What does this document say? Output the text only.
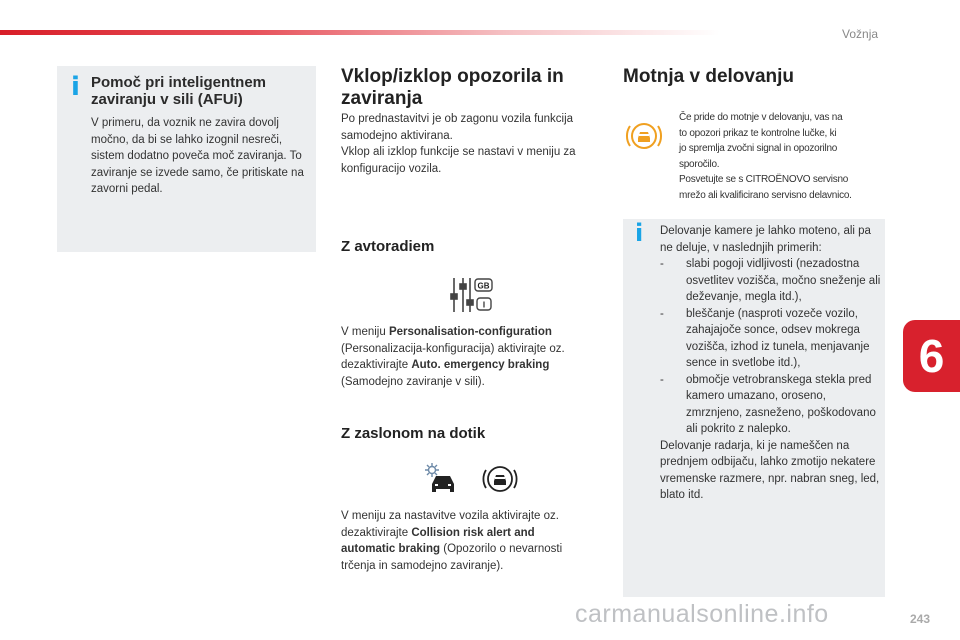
Vožnja
i Pomoč pri inteligentnem
zaviranju v sili (AFUi)
V primeru, da voznik ne zavira dovolj močno, da bi se lahko izognil nesreči, sistem dodatno poveča moč zaviranja. To zaviranje se izvede samo, če pritiskate na zavorni pedal.
Vklop/izklop opozorila in
zaviranja
Po prednastavitvi je ob zagonu vozila funkcija samodejno aktivirana.
Vklop ali izklop funkcije se nastavi v meniju za konfiguracijo vozila.
Z avtoradiem
GB
I
V meniju Personalisation-configuration (Personalizacija-konfiguracija) aktivirajte oz. dezaktivirajte Auto. emergency braking (Samodejno zaviranje v sili).
Z zaslonom na dotik
V meniju za nastavitve vozila aktivirajte oz. dezaktivirajte Collision risk alert and automatic braking (Opozorilo o nevarnosti trčenja in samodejno zaviranje).
Motnja v delovanju
Če pride do motnje v delovanju, vas na
to opozori prikaz te kontrolne lučke, ki
jo spremlja zvočni signal in opozorilno
sporočilo.
Posvetujte se s CITROËNOVO servisno
mrežo ali kvalificirano servisno delavnico.
i Delovanje kamere je lahko moteno, ali pa ne deluje, v naslednjih primerih:
-	slabi pogoji vidljivosti (nezadostna osvetlitev vozišča, močno sneženje ali deževanje, megla itd.),
-	bleščanje (nasproti vozeče vozilo, zahajajoče sonce, odsev mokrega vozišča, izhod iz tunela, menjavanje sence in svetlobe itd.),
-	območje vetrobranskega stekla pred kamero umazano, oroseno, zmrznjeno, zasneženo, poškodovano ali pokrito z nalepko.
Delovanje radarja, ki je nameščen na prednjem odbijaču, lahko zmotijo nekatere vremenske razmere, npr. nabran sneg, led, blato itd.
6
carmanualsonline.info	243
